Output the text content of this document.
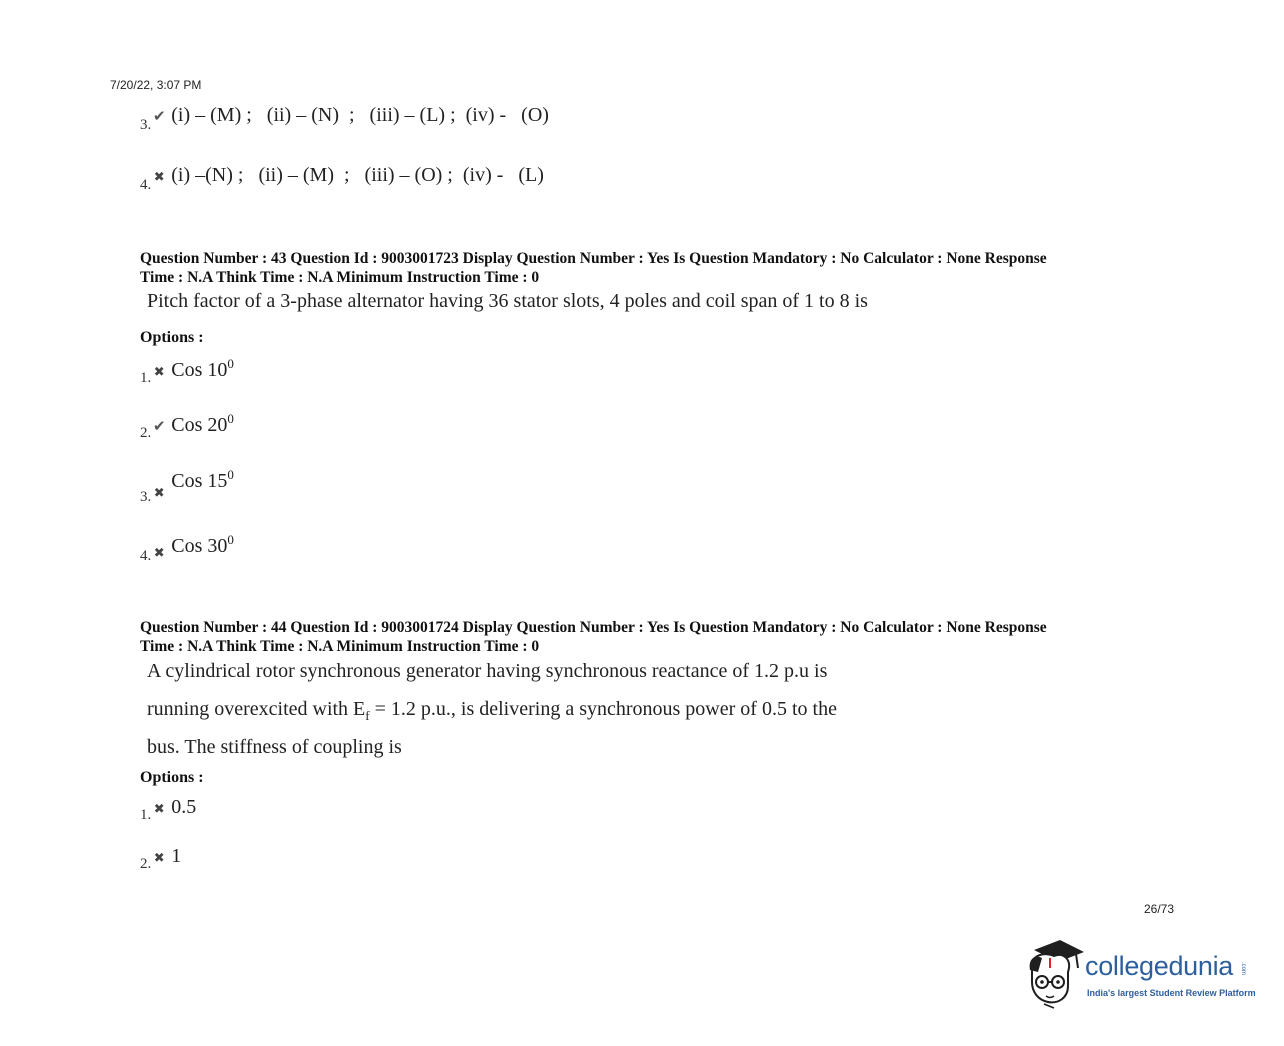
7/20/22, 3:07 PM
3. ✔ (i) – (M) ;   (ii) – (N)  ;   (iii) – (L) ;  (iv) -   (O)
4.✖ (i) –(N) ;   (ii) – (M)  ;   (iii) – (O) ;  (iv) -   (L)
Question Number : 43 Question Id : 9003001723 Display Question Number : Yes Is Question Mandatory : No Calculator : None Response
Time : N.A Think Time : N.A Minimum Instruction Time : 0
Pitch factor of a 3-phase alternator having 36 stator slots, 4 poles and coil span of 1 to 8 is
Options :
1. ✖ Cos $10^0$
2. ✔ Cos $20^0$
3. ✖ Cos $15^0$
4. ✖ Cos $30^0$
Question Number : 44 Question Id : 9003001724 Display Question Number : Yes Is Question Mandatory : No Calculator : None Response
Time : N.A Think Time : N.A Minimum Instruction Time : 0
A cylindrical rotor synchronous generator having synchronous reactance of 1.2 p.u is
running overexcited with $E_f = 1.2$ p.u., is delivering a synchronous power of 0.5 to the
bus. The stiffness of coupling is
Options :
1. ✖ 0.5
2. ✖ 1
26/73
collegedunia .com
India's largest Student Review Platform
